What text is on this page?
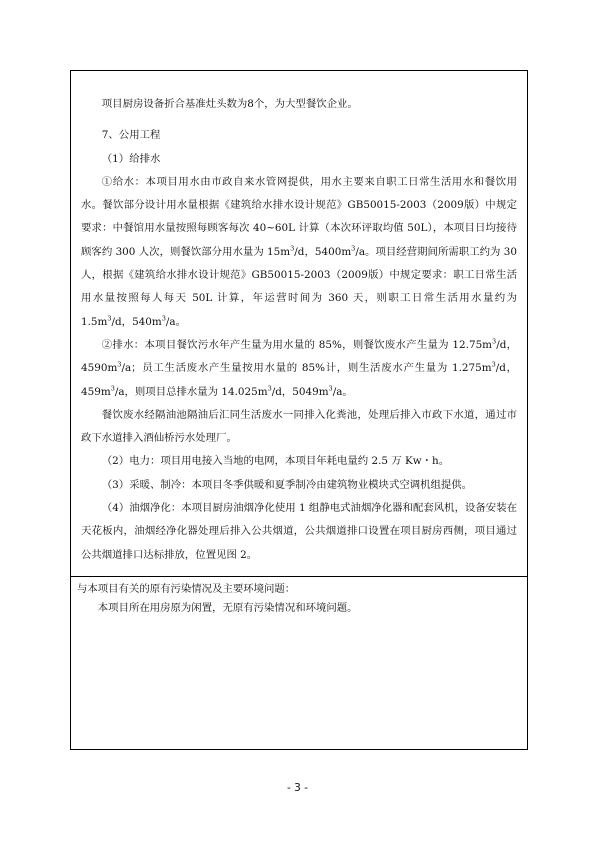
项目厨房设备折合基准灶头数为8个，为大型餐饮企业。

7、公用工程

（1）给排水

①给水：本项目用水由市政自来水管网提供，用水主要来自职工日常生活用水和餐饮用水。餐饮部分设计用水量根据《建筑给水排水设计规范》GB50015-2003（2009版）中规定要求：中餐馆用水量按照每顾客每次 40~60L 计算（本次环评取均值 50L），本项目日均接待顾客约 300 人次，则餐饮部分用水量为 $15m^3/d$，$5400m^3/a$。项目经营期间所需职工约为 30 人，根据《建筑给水排水设计规范》GB50015-2003（2009版）中规定要求：职工日常生活用水量按照每人每天 50L 计算，年运营时间为 360 天，则职工日常生活用水量约为 $1.5m^3/d$，$540m^3/a$。

②排水：本项目餐饮污水年产生量为用水量的 85%，则餐饮废水产生量为 $12.75m^3/d$，$4590m^3/a$；员工生活废水产生量按用水量的 85%计，则生活废水产生量为 $1.275m^3/d$，$459m^3/a$，则项目总排水量为 $14.025m^3/d$，$5049m^3/a$。

餐饮废水经隔油池隔油后汇同生活废水一同排入化粪池，处理后排入市政下水道，通过市政下水道排入酒仙桥污水处理厂。

（2）电力：项目用电接入当地的电网，本项目年耗电量约 2.5 万 Kw・h。

（3）采暖、制冷：本项目冬季供暖和夏季制冷由建筑物业模块式空调机组提供。

（4）油烟净化：本项目厨房油烟净化使用 1 组静电式油烟净化器和配套风机，设备安装在天花板内，油烟经净化器处理后排入公共烟道，公共烟道排口设置在项目厨房西侧，项目通过公共烟道排口达标排放，位置见图 2。

与本项目有关的原有污染情况及主要环境问题：

本项目所在用房原为闲置，无原有污染情况和环境问题。

- 3 -
